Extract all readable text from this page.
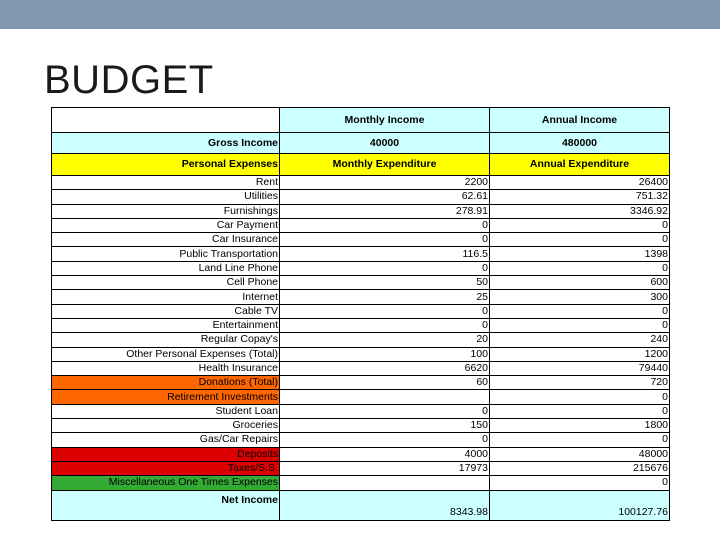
BUDGET
	Monthly Income	Annual Income
Gross Income	40000	480000
Personal Expenses	Monthly Expenditure	Annual Expenditure
Rent	2200	26400
Utilities	62.61	751.32
Furnishings	278.91	3346.92
Car Payment	0	0
Car Insurance	0	0
Public Transportation	116.5	1398
Land Line Phone	0	0
Cell Phone	50	600
Internet	25	300
Cable TV	0	0
Entertainment	0	0
Regular Copay's	20	240
Other Personal Expenses (Total)	100	1200
Health Insurance	6620	79440
Donations (Total)	60	720
Retirement Investments		0
Student Loan	0	0
Groceries	150	1800
Gas/Car Repairs	0	0
Deposits	4000	48000
Taxes/S.S.	17973	215676
Miscellaneous One Times Expenses		0
Net Income	8343.98	100127.76
